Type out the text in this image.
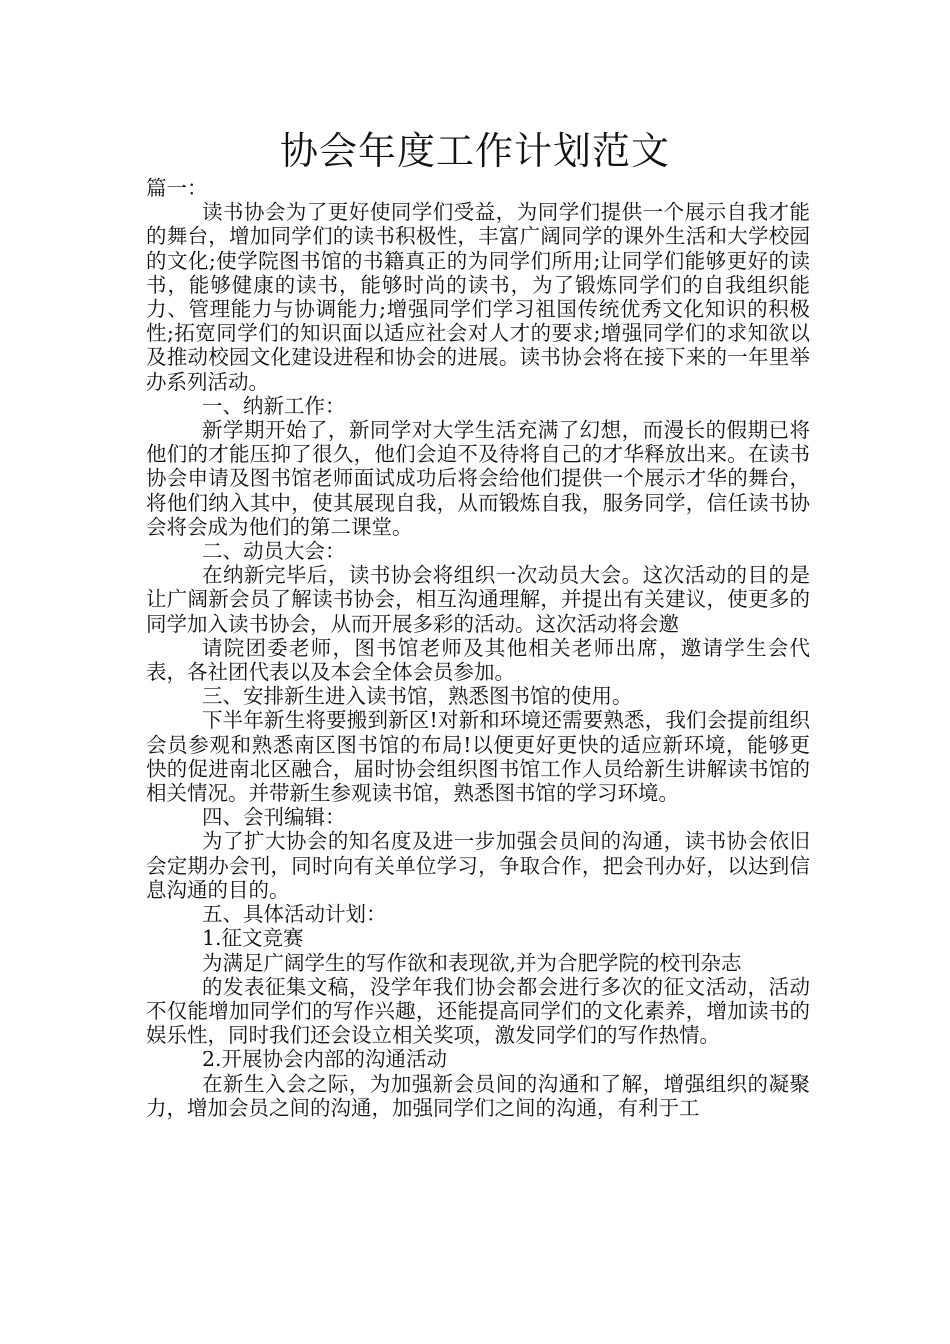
协会年度工作计划范文

篇一：

读书协会为了更好使同学们受益，为同学们提供一个展示自我才能的舞台，增加同学们的读书积极性，丰富广阔同学的课外生活和大学校园的文化;使学院图书馆的书籍真正的为同学们所用;让同学们能够更好的读书，能够健康的读书，能够时尚的读书，为了锻炼同学们的自我组织能力、管理能力与协调能力;增强同学们学习祖国传统优秀文化知识的积极性;拓宽同学们的知识面以适应社会对人才的要求;增强同学们的求知欲以及推动校园文化建设进程和协会的进展。读书协会将在接下来的一年里举办系列活动。

一、纳新工作：

新学期开始了，新同学对大学生活充满了幻想，而漫长的假期已将他们的才能压抑了很久，他们会迫不及待将自己的才华释放出来。在读书协会申请及图书馆老师面试成功后将会给他们提供一个展示才华的舞台，将他们纳入其中，使其展现自我，从而锻炼自我，服务同学，信任读书协会将会成为他们的第二课堂。

二、动员大会：

在纳新完毕后，读书协会将组织一次动员大会。这次活动的目的是让广阔新会员了解读书协会，相互沟通理解，并提出有关建议，使更多的同学加入读书协会，从而开展多彩的活动。这次活动将会邀

请院团委老师，图书馆老师及其他相关老师出席，邀请学生会代表，各社团代表以及本会全体会员参加。

三、安排新生进入读书馆，熟悉图书馆的使用。

下半年新生将要搬到新区!对新和环境还需要熟悉，我们会提前组织会员参观和熟悉南区图书馆的布局!以便更好更快的适应新环境，能够更快的促进南北区融合，届时协会组织图书馆工作人员给新生讲解读书馆的相关情况。并带新生参观读书馆，熟悉图书馆的学习环境。

四、会刊编辑：

为了扩大协会的知名度及进一步加强会员间的沟通，读书协会依旧会定期办会刊，同时向有关单位学习，争取合作，把会刊办好，以达到信息沟通的目的。

五、具体活动计划：

1.征文竞赛

为满足广阔学生的写作欲和表现欲,并为合肥学院的校刊杂志

的发表征集文稿，没学年我们协会都会进行多次的征文活动，活动不仅能增加同学们的写作兴趣，还能提高同学们的文化素养，增加读书的娱乐性，同时我们还会设立相关奖项，激发同学们的写作热情。

2.开展协会内部的沟通活动

在新生入会之际，为加强新会员间的沟通和了解，增强组织的凝聚力，增加会员之间的沟通，加强同学们之间的沟通，有利于工
